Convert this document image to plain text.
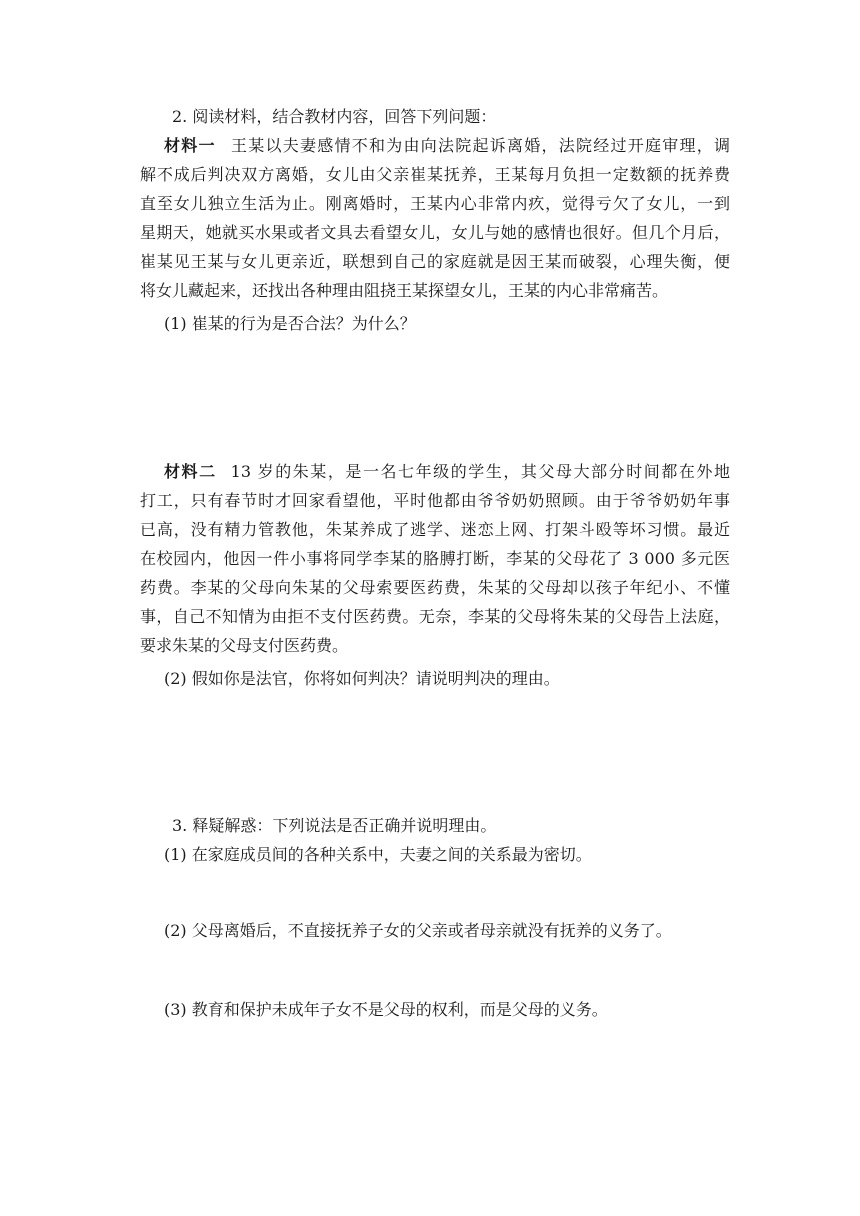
2. 阅读材料，结合教材内容，回答下列问题：
材料一 王某以夫妻感情不和为由向法院起诉离婚，法院经过开庭审理，调
解不成后判决双方离婚，女儿由父亲崔某抚养，王某每月负担一定数额的抚养费
直至女儿独立生活为止。刚离婚时，王某内心非常内疚，觉得亏欠了女儿，一到
星期天，她就买水果或者文具去看望女儿，女儿与她的感情也很好。但几个月后，
崔某见王某与女儿更亲近，联想到自己的家庭就是因王某而破裂，心理失衡，便
将女儿藏起来，还找出各种理由阻挠王某探望女儿，王某的内心非常痛苦。
(1) 崔某的行为是否合法？为什么？
材料二 13 岁的朱某，是一名七年级的学生，其父母大部分时间都在外地
打工，只有春节时才回家看望他，平时他都由爷爷奶奶照顾。由于爷爷奶奶年事
已高，没有精力管教他，朱某养成了逃学、迷恋上网、打架斗殴等坏习惯。最近
在校园内，他因一件小事将同学李某的胳膊打断，李某的父母花了 3 000 多元医
药费。李某的父母向朱某的父母索要医药费，朱某的父母却以孩子年纪小、不懂
事，自己不知情为由拒不支付医药费。无奈，李某的父母将朱某的父母告上法庭，
要求朱某的父母支付医药费。
(2) 假如你是法官，你将如何判决？请说明判决的理由。
3. 释疑解惑：下列说法是否正确并说明理由。
(1) 在家庭成员间的各种关系中，夫妻之间的关系最为密切。
(2) 父母离婚后，不直接抚养子女的父亲或者母亲就没有抚养的义务了。
(3) 教育和保护未成年子女不是父母的权利，而是父母的义务。
